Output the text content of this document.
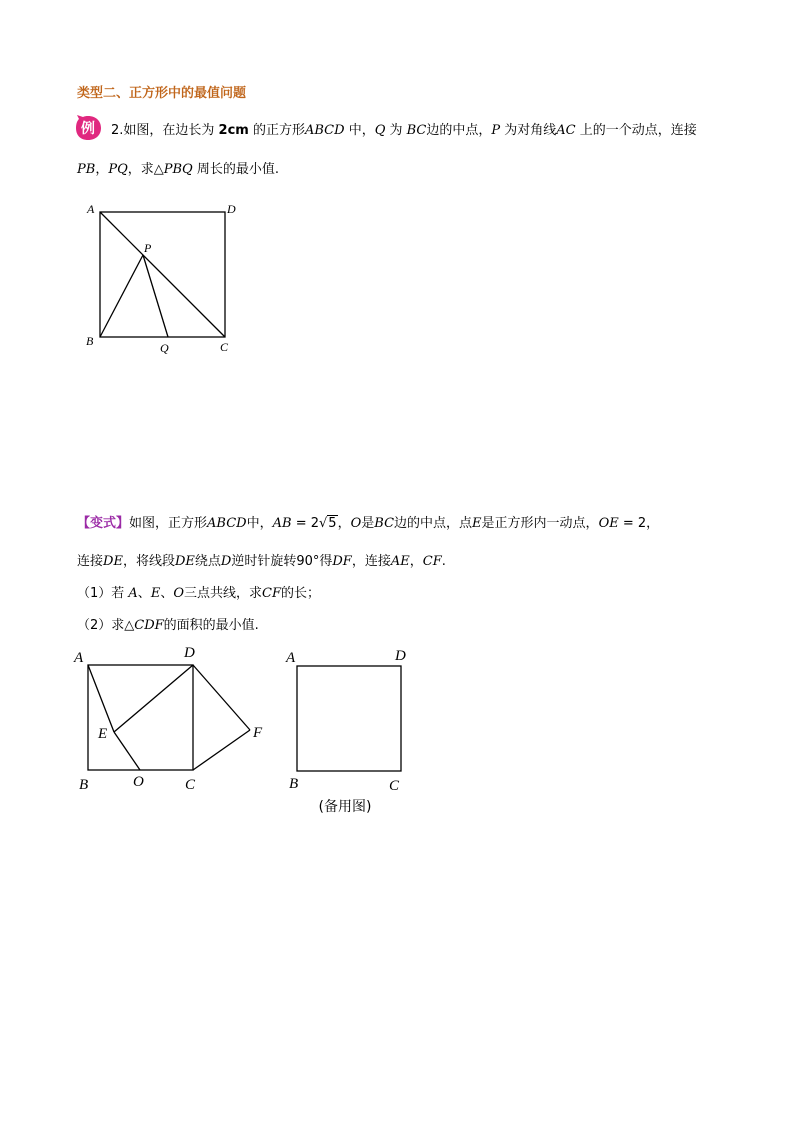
类型二、正方形中的最值问题
例 2.如图，在边长为 2cm 的正方形ABCD 中，Q 为 BC边的中点，P 为对角线AC 上的一个动点，连接
PB，PQ，求△PBQ 周长的最小值.
A	D
B	C
P
Q
【变式】如图，正方形ABCD中，AB = 2√5，O是BC边的中点，点E是正方形内一动点，OE = 2，
连接DE，将线段DE绕点D逆时针旋转90°得DF，连接AE，CF.
（1）若 A、E、O三点共线，求CF的长；
（2）求△CDF的面积的最小值.
A	D
B	C
E	F
O
A	D
B	C
(备用图)
